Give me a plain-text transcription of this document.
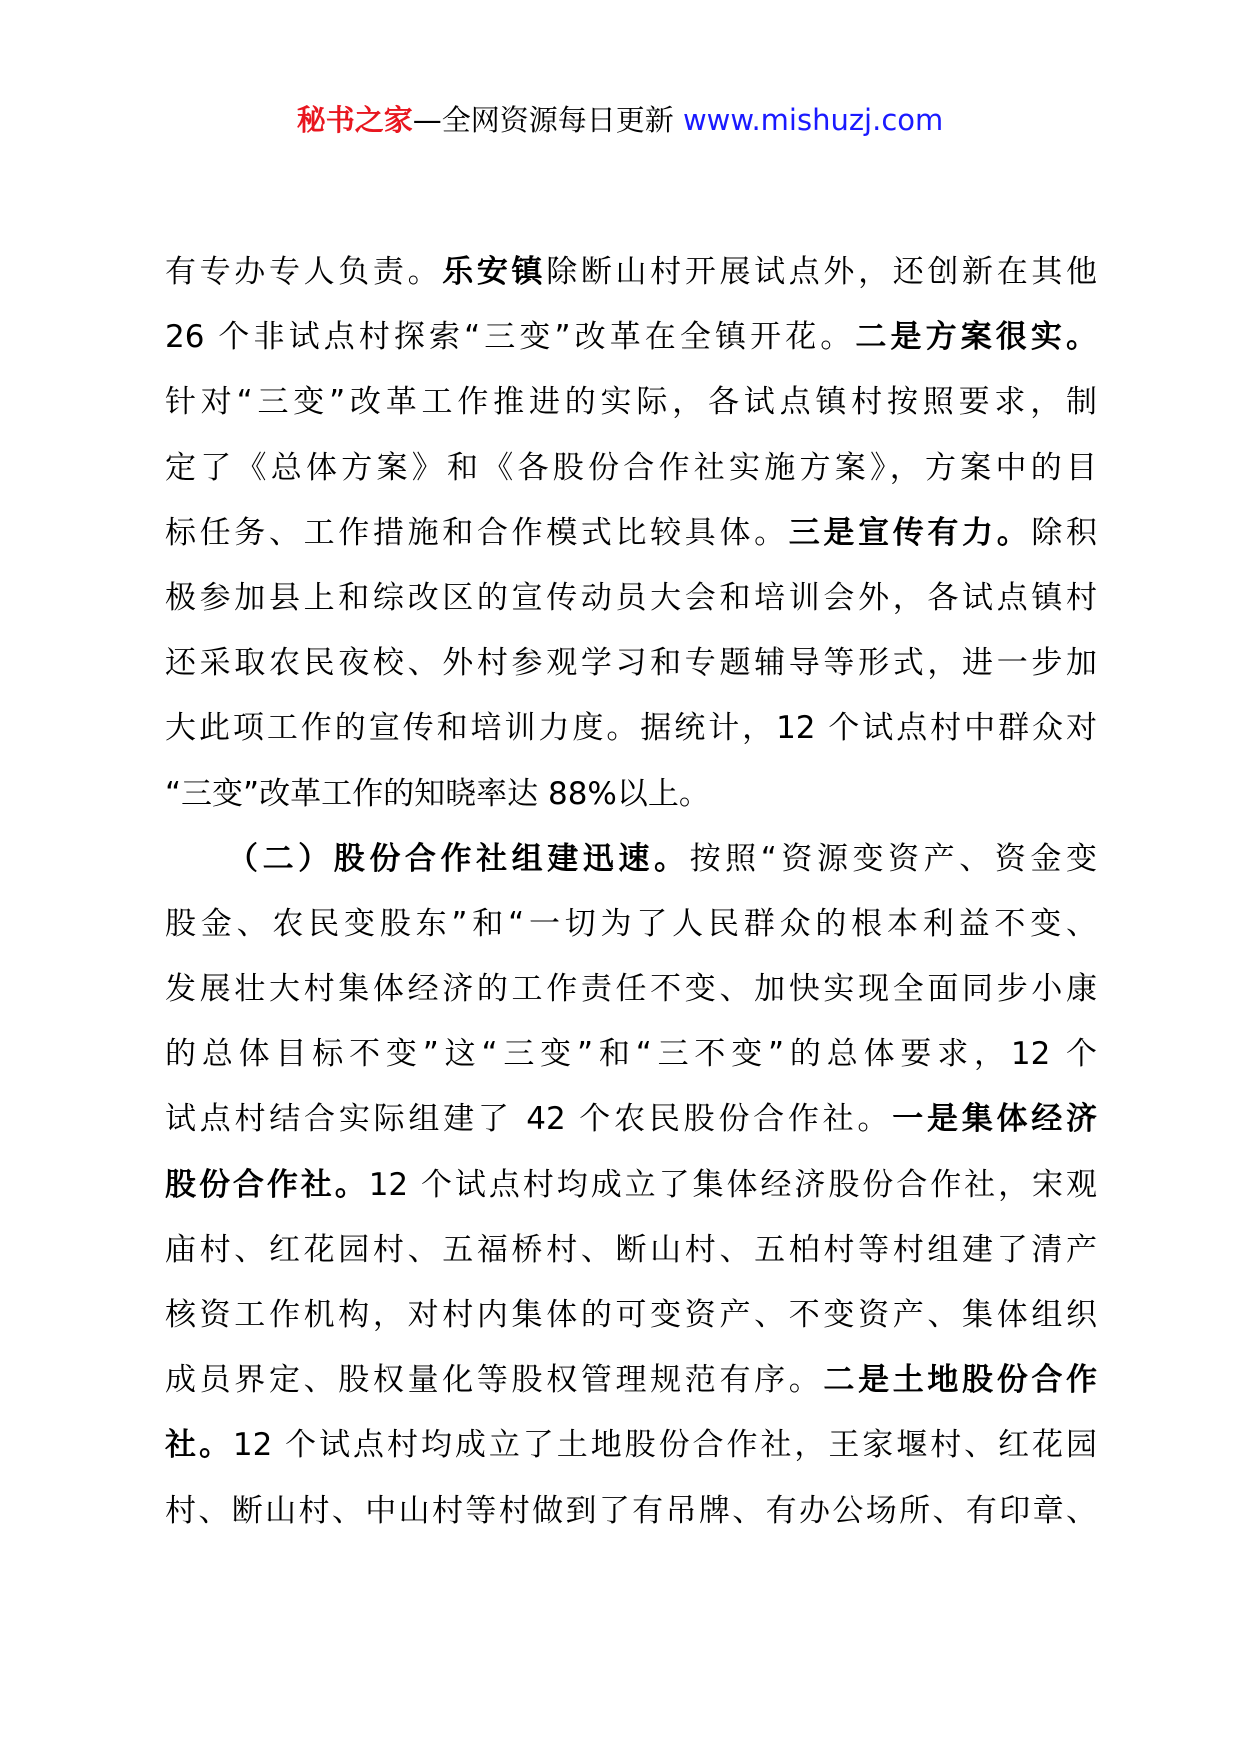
秘书之家—全网资源每日更新 www.mishuzj.com
有专办专人负责。乐安镇除断山村开展试点外，还创新在其他
26 个非试点村探索“三变”改革在全镇开花。二是方案很实。
针对“三变”改革工作推进的实际，各试点镇村按照要求，制
定了《总体方案》和《各股份合作社实施方案》，方案中的目
标任务、工作措施和合作模式比较具体。三是宣传有力。除积
极参加县上和综改区的宣传动员大会和培训会外，各试点镇村
还采取农民夜校、外村参观学习和专题辅导等形式，进一步加
大此项工作的宣传和培训力度。据统计，12 个试点村中群众对
“三变”改革工作的知晓率达 88%以上。
（二）股份合作社组建迅速。按照“资源变资产、资金变
股金、农民变股东”和“一切为了人民群众的根本利益不变、
发展壮大村集体经济的工作责任不变、加快实现全面同步小康
的总体目标不变”这“三变”和“三不变”的总体要求，12 个
试点村结合实际组建了 42 个农民股份合作社。一是集体经济
股份合作社。12 个试点村均成立了集体经济股份合作社，宋观
庙村、红花园村、五福桥村、断山村、五柏村等村组建了清产
核资工作机构，对村内集体的可变资产、不变资产、集体组织
成员界定、股权量化等股权管理规范有序。二是土地股份合作
社。12 个试点村均成立了土地股份合作社，王家堰村、红花园
村、断山村、中山村等村做到了有吊牌、有办公场所、有印章、
